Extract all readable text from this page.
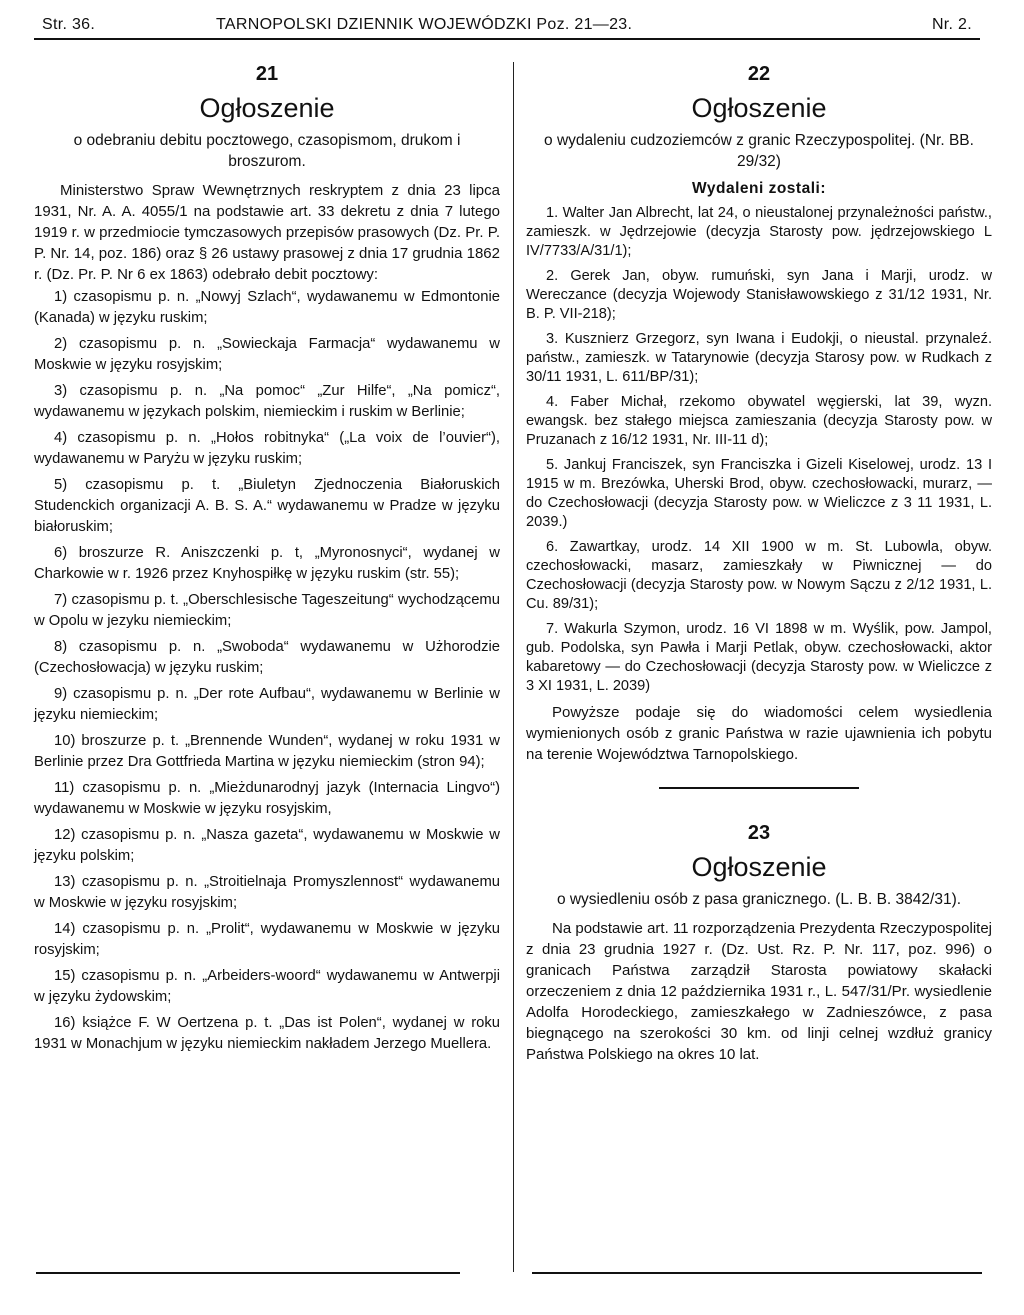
Str. 36.	TARNOPOLSKI DZIENNIK WOJEWÓDZKI Poz. 21—23.	Nr. 2.
21
Ogłoszenie
o odebraniu debitu pocztowego, czasopismom, drukom i broszurom.

Ministerstwo Spraw Wewnętrznych reskryptem z dnia 23 lipca 1931, Nr. A. A. 4055/1 na podstawie art. 33 dekretu z dnia 7 lutego 1919 r. w przedmiocie tymczasowych przepisów prasowych (Dz. Pr. P. P. Nr. 14, poz. 186) oraz § 26 ustawy prasowej z dnia 17 grudnia 1862 r. (Dz. Pr. P. Nr 6 ex 1863) odebrało debit pocztowy:

1) czasopismu p. n. „Nowyj Szlach“, wydawanemu w Edmontonie (Kanada) w języku ruskim;

2) czasopismu p. n. „Sowieckaja Farmacja“ wydawanemu w Moskwie w języku rosyjskim;

3) czasopismu p. n. „Na pomoc“ „Zur Hilfe“, „Na pomicz“, wydawanemu w językach polskim, niemieckim i ruskim w Berlinie;

4) czasopismu p. n. „Hołos robitnyka“ („La voix de l’ouvier“), wydawanemu w Paryżu w języku ruskim;

5) czasopismu p. t. „Biuletyn Zjednoczenia Białoruskich Studenckich organizacji A. B. S. A.“ wydawanemu w Pradze w języku białoruskim;

6) broszurze R. Aniszczenki p. t, „Myronosnyci“, wydanej w Charkowie w r. 1926 przez Knyhospiłkę w języku ruskim (str. 55);

7) czasopismu p. t. „Oberschlesische Tageszeitung“ wychodzącemu w Opolu w jezyku niemieckim;

8) czasopismu p. n. „Swoboda“ wydawanemu w Użhorodzie (Czechosłowacja) w języku ruskim;

9) czasopismu p. n. „Der rote Aufbau“, wydawanemu w Berlinie w języku niemieckim;

10) broszurze p. t. „Brennende Wunden“, wydanej w roku 1931 w Berlinie przez Dra Gottfrieda Martina w języku niemieckim (stron 94);

11) czasopismu p. n. „Mieżdunarodnyj jazyk (Internacia Lingvo“) wydawanemu w Moskwie w języku rosyjskim,

12) czasopismu p. n. „Nasza gazeta“, wydawanemu w Moskwie w języku polskim;

13) czasopismu p. n. „Stroitielnaja Promyszlennost“ wydawanemu w Moskwie w języku rosyjskim;

14) czasopismu p. n. „Prolit“, wydawanemu w Moskwie w języku rosyjskim;

15) czasopismu p. n. „Arbeiders-woord“ wydawanemu w Antwerpji w języku żydowskim;

16) książce F. W Oertzena p. t. „Das ist Polen“, wydanej w roku 1931 w Monachjum w języku niemieckim nakładem Jerzego Muellera.

22
Ogłoszenie
o wydaleniu cudzoziemców z granic Rzeczypospolitej. (Nr. BB. 29/32)
Wydaleni zostali:

1. Walter Jan Albrecht, lat 24, o nieustalonej przynależności państw., zamieszk. w Jędrzejowie (decyzja Starosty pow. jędrzejowskiego L IV/7733/A/31/1);

2. Gerek Jan, obyw. rumuński, syn Jana i Marji, urodz. w Wereczance (decyzja Wojewody Stanisławowskiego z 31/12 1931, Nr. B. P. VII-218);

3. Kusznierz Grzegorz, syn Iwana i Eudokji, o nieustal. przynaleź. państw., zamieszk. w Tatarynowie (decyzja Starosy pow. w Rudkach z 30/11 1931, L. 611/BP/31);

4. Faber Michał, rzekomo obywatel węgierski, lat 39, wyzn. ewangsk. bez stałego miejsca zamieszania (decyzja Starosty pow. w Pruzanach z 16/12 1931, Nr. III-11 d);

5. Jankuj Franciszek, syn Franciszka i Gizeli Kiselowej, urodz. 13 I 1915 w m. Brezówka, Uherski Brod, obyw. czechosłowacki, murarz, — do Czechosłowacji (decyzja Starosty pow. w Wieliczce z 3 11 1931, L. 2039.)

6. Zawartkay, urodz. 14 XII 1900 w m. St. Lubowla, obyw. czechosłowacki, masarz, zamieszkały w Piwnicznej — do Czechosłowacji (decyzja Starosty pow. w Nowym Sączu z 2/12 1931, L. Cu. 89/31);

7. Wakurla Szymon, urodz. 16 VI 1898 w m. Wyślik, pow. Jampol, gub. Podolska, syn Pawła i Marji Petlak, obyw. czechosłowacki, aktor kabaretowy — do Czechosłowacji (decyzja Starosty pow. w Wieliczce z 3 XI 1931, L. 2039)

Powyższe podaje się do wiadomości celem wysiedlenia wymienionych osób z granic Państwa w razie ujawnienia ich pobytu na terenie Województwa Tarnopolskiego.

23
Ogłoszenie
o wysiedleniu osób z pasa granicznego. (L. B. B. 3842/31).

Na podstawie art. 11 rozporządzenia Prezydenta Rzeczypospolitej z dnia 23 grudnia 1927 r. (Dz. Ust. Rz. P. Nr. 117, poz. 996) o granicach Państwa zarządził Starosta powiatowy skałacki orzeczeniem z dnia 12 października 1931 r., L. 547/31/Pr. wysiedlenie Adolfa Horodeckiego, zamieszkałego w Zadnieszówce, z pasa biegnącego na szerokości 30 km. od linji celnej wzdłuż granicy Państwa Polskiego na okres 10 lat.
